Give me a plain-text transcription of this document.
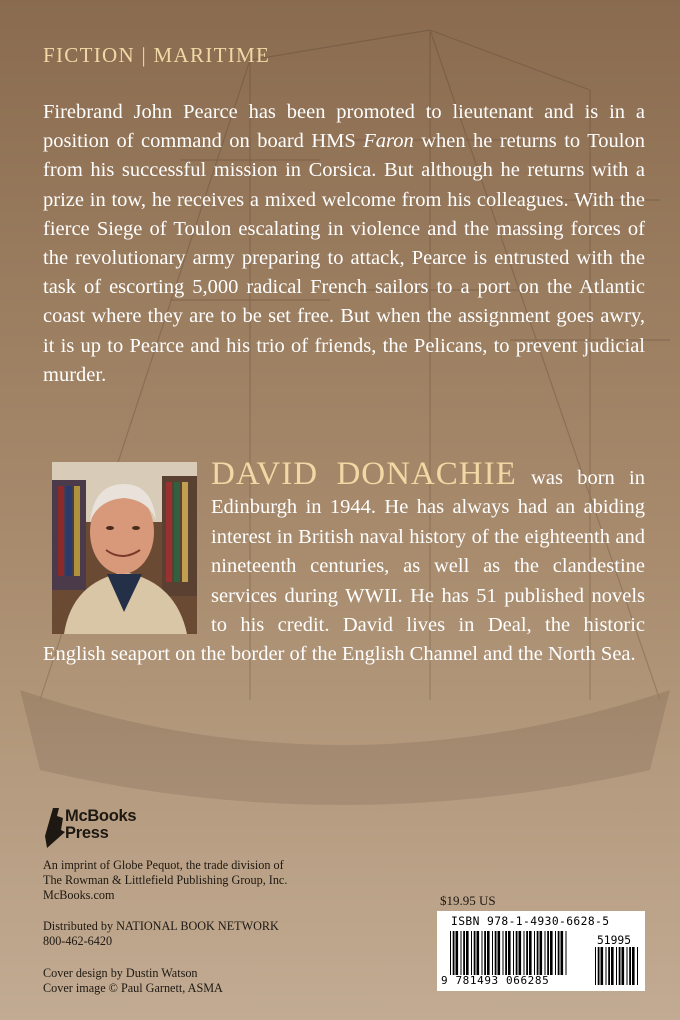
FICTION | MARITIME

Firebrand John Pearce has been promoted to lieutenant and is in a position of command on board HMS Faron when he returns to Toulon from his successful mission in Corsica. But although he returns with a prize in tow, he receives a mixed welcome from his colleagues. With the fierce Siege of Toulon escalating in violence and the massing forces of the revolutionary army preparing to attack, Pearce is entrusted with the task of escorting 5,000 radical French sailors to a port on the Atlantic coast where they are to be set free. But when the assignment goes awry, it is up to Pearce and his trio of friends, the Pelicans, to prevent judicial murder.

DAVID DONACHIE was born in Edinburgh in 1944. He has always had an abiding interest in British naval history of the eighteenth and nineteenth centuries, as well as the clandestine services during WWII. He has 51 published novels to his credit. David lives in Deal, the historic English seaport on the border of the English Channel and the North Sea.

McBooks
Press
An imprint of Globe Pequot, the trade division of
The Rowman & Littlefield Publishing Group, Inc.
McBooks.com
Distributed by NATIONAL BOOK NETWORK
800-462-6420
Cover design by Dustin Watson
Cover image © Paul Garnett, ASMA
$19.95 US
ISBN 978-1-4930-6628-5
51995
9 781493 066285
